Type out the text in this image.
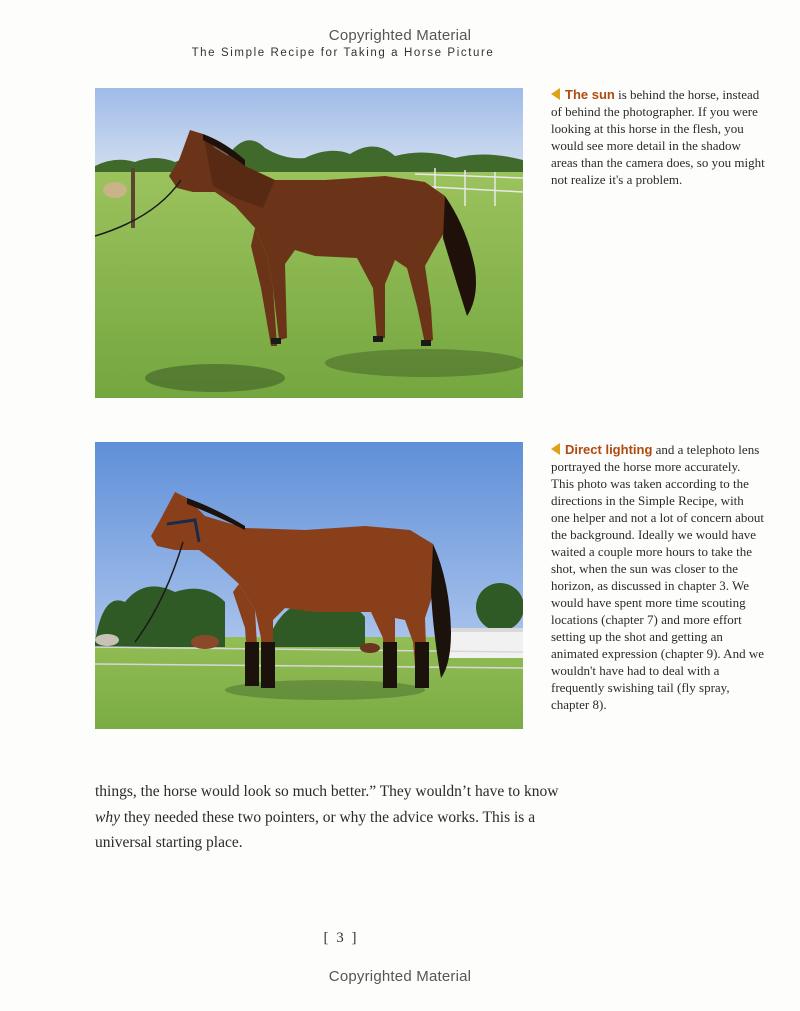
Copyrighted Material
The Simple Recipe for Taking a Horse Picture
The sun is behind the horse, instead of behind the photographer. If you were looking at this horse in the flesh, you would see more detail in the shadow areas than the camera does, so you might not realize it's a problem.
Direct lighting and a telephoto lens portrayed the horse more accurately. This photo was taken according to the directions in the Simple Recipe, with one helper and not a lot of concern about the background. Ideally we would have waited a couple more hours to take the shot, when the sun was closer to the horizon, as discussed in chapter 3. We would have spent more time scouting locations (chapter 7) and more effort setting up the shot and getting an animated expression (chapter 9). And we wouldn't have had to deal with a frequently swishing tail (fly spray, chapter 8).

things, the horse would look so much better.” They wouldn’t have to know
why they needed these two pointers, or why the advice works. This is a
universal starting place.

[ 3 ]
Copyrighted Material
